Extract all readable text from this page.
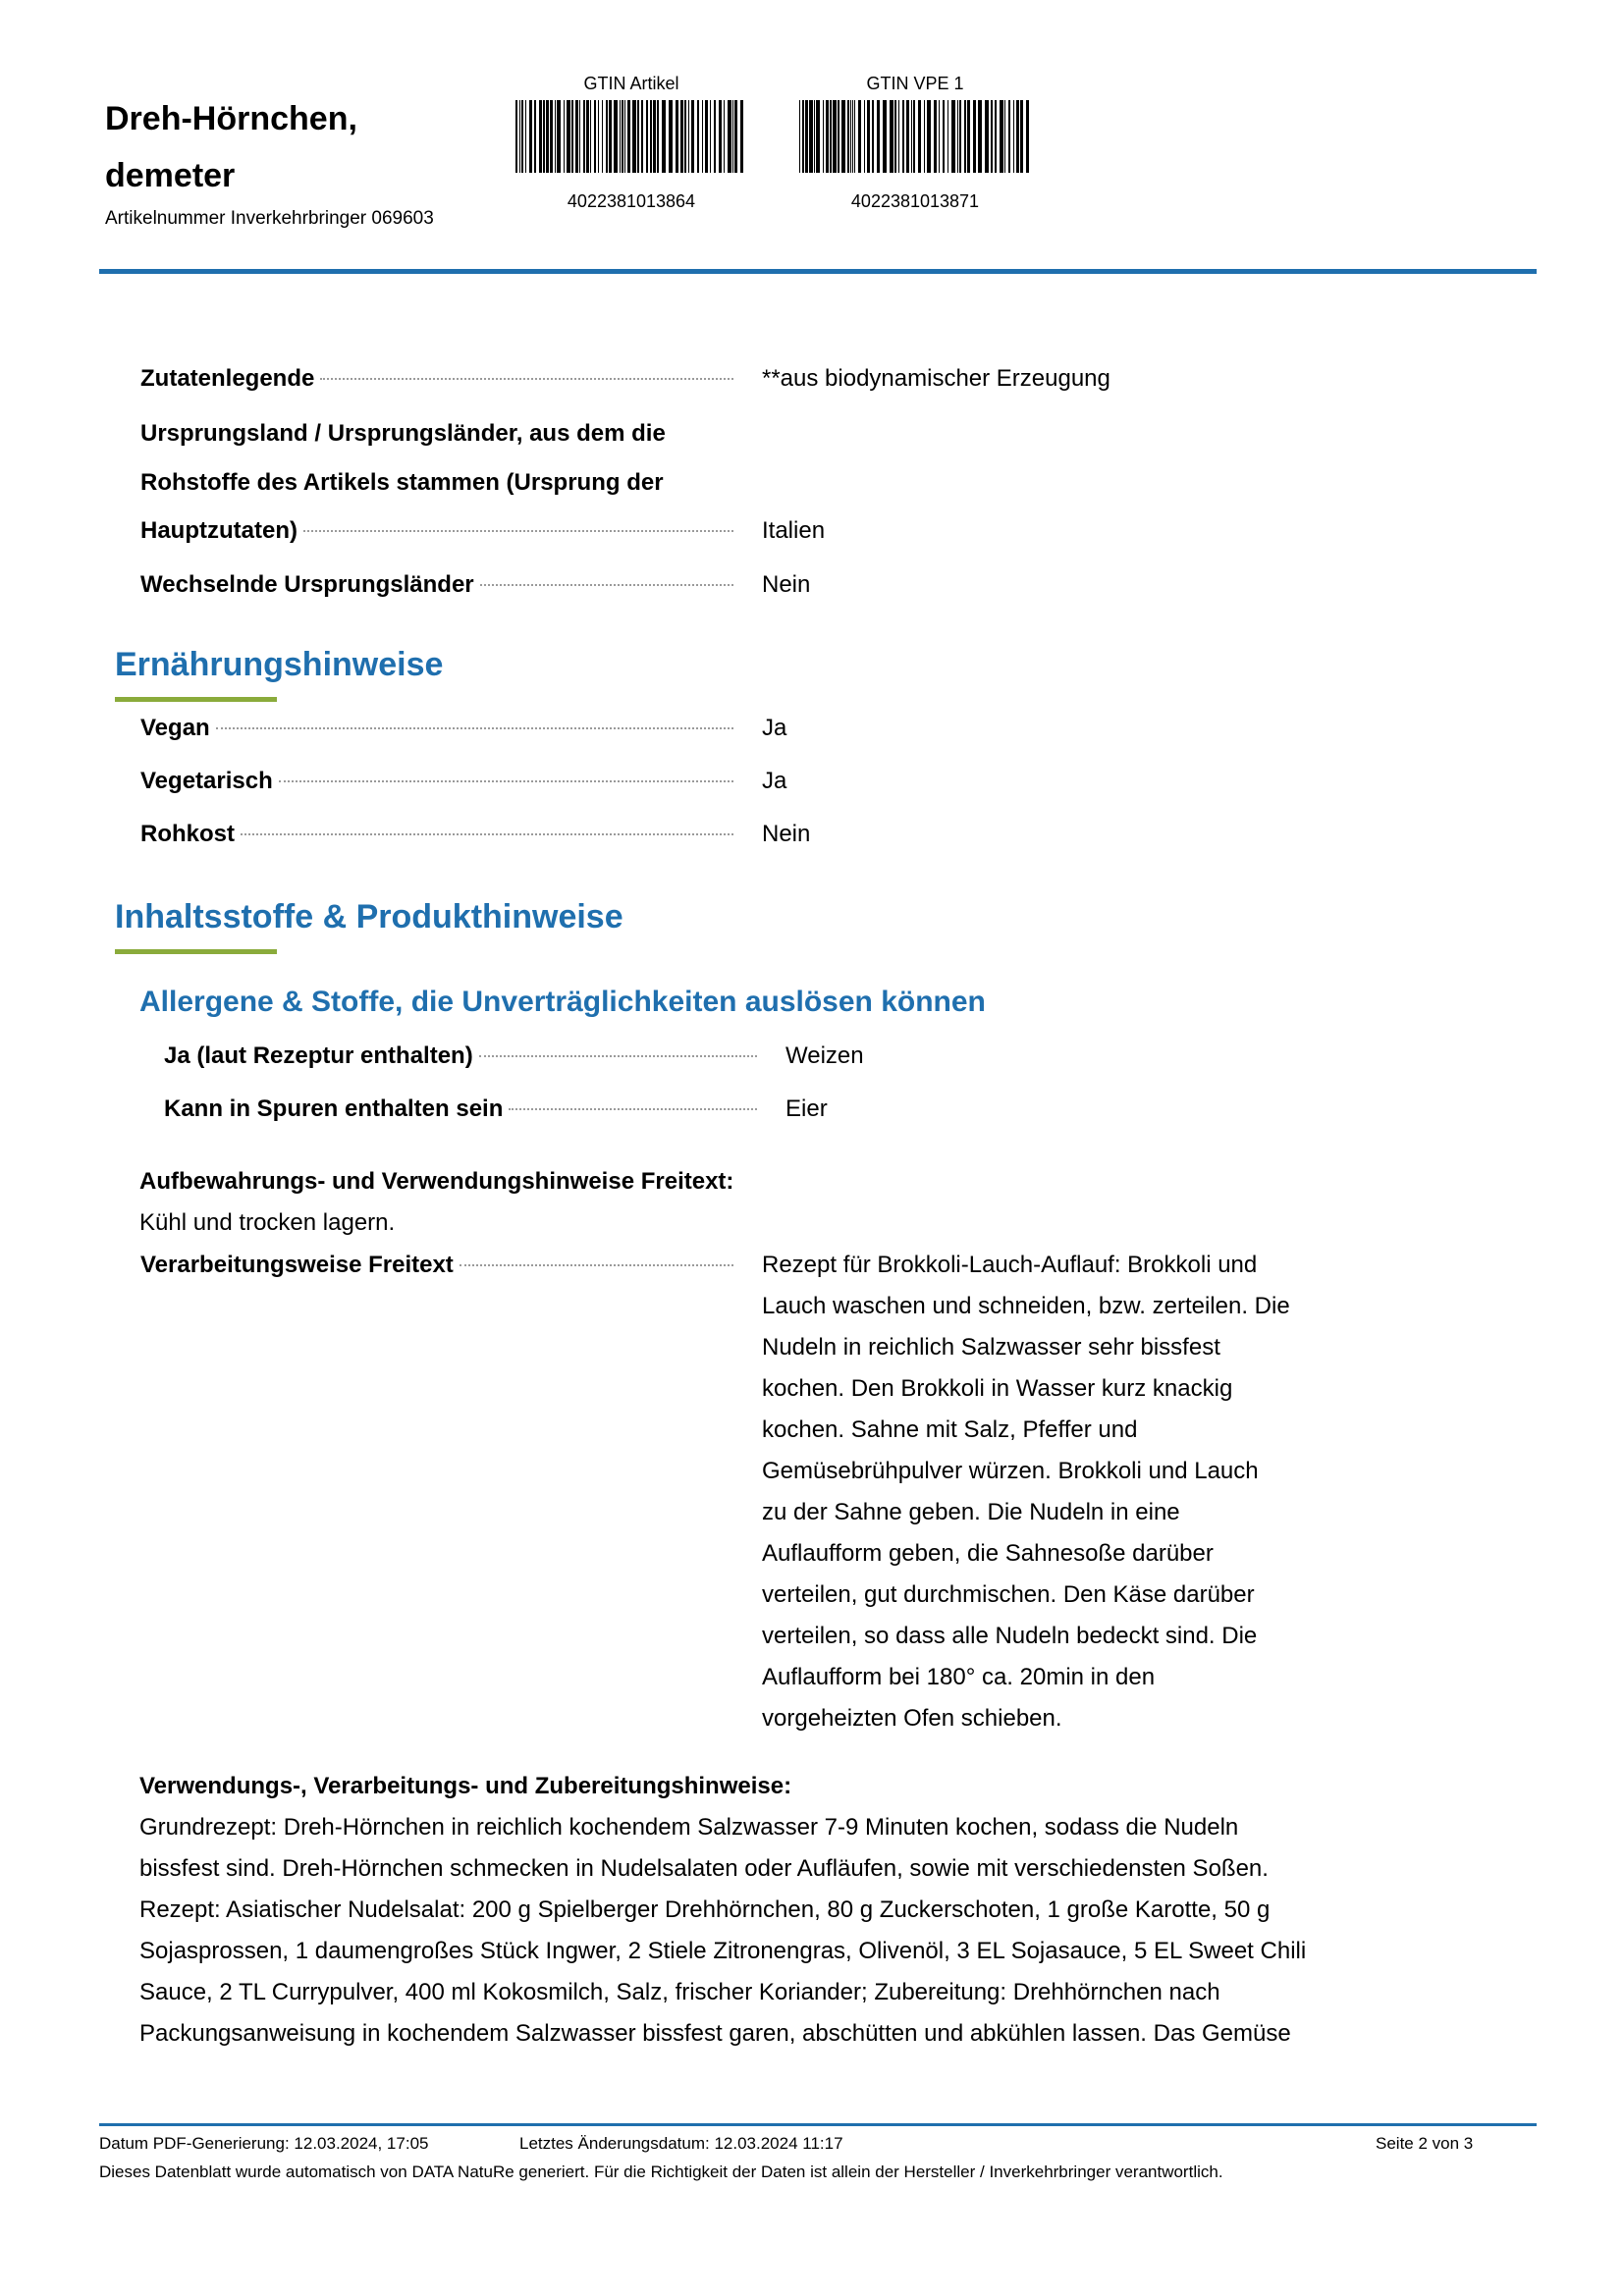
Dreh-Hörnchen,
demeter
Artikelnummer Inverkehrbringer 069603
GTIN Artikel
4022381013864
GTIN VPE 1
4022381013871
Zutatenlegende	**aus biodynamischer Erzeugung
Ursprungsland / Ursprungsländer, aus dem die
Rohstoffe des Artikels stammen (Ursprung der
Hauptzutaten)	Italien
Wechselnde Ursprungsländer	Nein
Ernährungshinweise
Vegan	Ja
Vegetarisch	Ja
Rohkost	Nein
Inhaltsstoffe & Produkthinweise
Allergene & Stoffe, die Unverträglichkeiten auslösen können
Ja (laut Rezeptur enthalten)	Weizen
Kann in Spuren enthalten sein	Eier
Aufbewahrungs- und Verwendungshinweise Freitext:
Kühl und trocken lagern.
Verarbeitungsweise Freitext	Rezept für Brokkoli-Lauch-Auflauf: Brokkoli und
Lauch waschen und schneiden, bzw. zerteilen. Die
Nudeln in reichlich Salzwasser sehr bissfest
kochen. Den Brokkoli in Wasser kurz knackig
kochen. Sahne mit Salz, Pfeffer und
Gemüsebrühpulver würzen. Brokkoli und Lauch
zu der Sahne geben. Die Nudeln in eine
Auflaufform geben, die Sahnesoße darüber
verteilen, gut durchmischen. Den Käse darüber
verteilen, so dass alle Nudeln bedeckt sind. Die
Auflaufform bei 180° ca. 20min in den
vorgeheizten Ofen schieben.
Verwendungs-, Verarbeitungs- und Zubereitungshinweise:
Grundrezept: Dreh-Hörnchen in reichlich kochendem Salzwasser 7-9 Minuten kochen, sodass die Nudeln
bissfest sind. Dreh-Hörnchen schmecken in Nudelsalaten oder Aufläufen, sowie mit verschiedensten Soßen.
Rezept: Asiatischer Nudelsalat: 200 g Spielberger Drehhörnchen, 80 g Zuckerschoten, 1 große Karotte, 50 g
Sojasprossen, 1 daumengroßes Stück Ingwer, 2 Stiele Zitronengras, Olivenöl, 3 EL Sojasauce, 5 EL Sweet Chili
Sauce, 2 TL Currypulver, 400 ml Kokosmilch, Salz, frischer Koriander; Zubereitung: Drehhörnchen nach
Packungsanweisung in kochendem Salzwasser bissfest garen, abschütten und abkühlen lassen. Das Gemüse
Datum PDF-Generierung: 12.03.2024, 17:05	Letztes Änderungsdatum: 12.03.2024 11:17	Seite 2 von 3
Dieses Datenblatt wurde automatisch von DATA NatuRe generiert. Für die Richtigkeit der Daten ist allein der Hersteller / Inverkehrbringer verantwortlich.
